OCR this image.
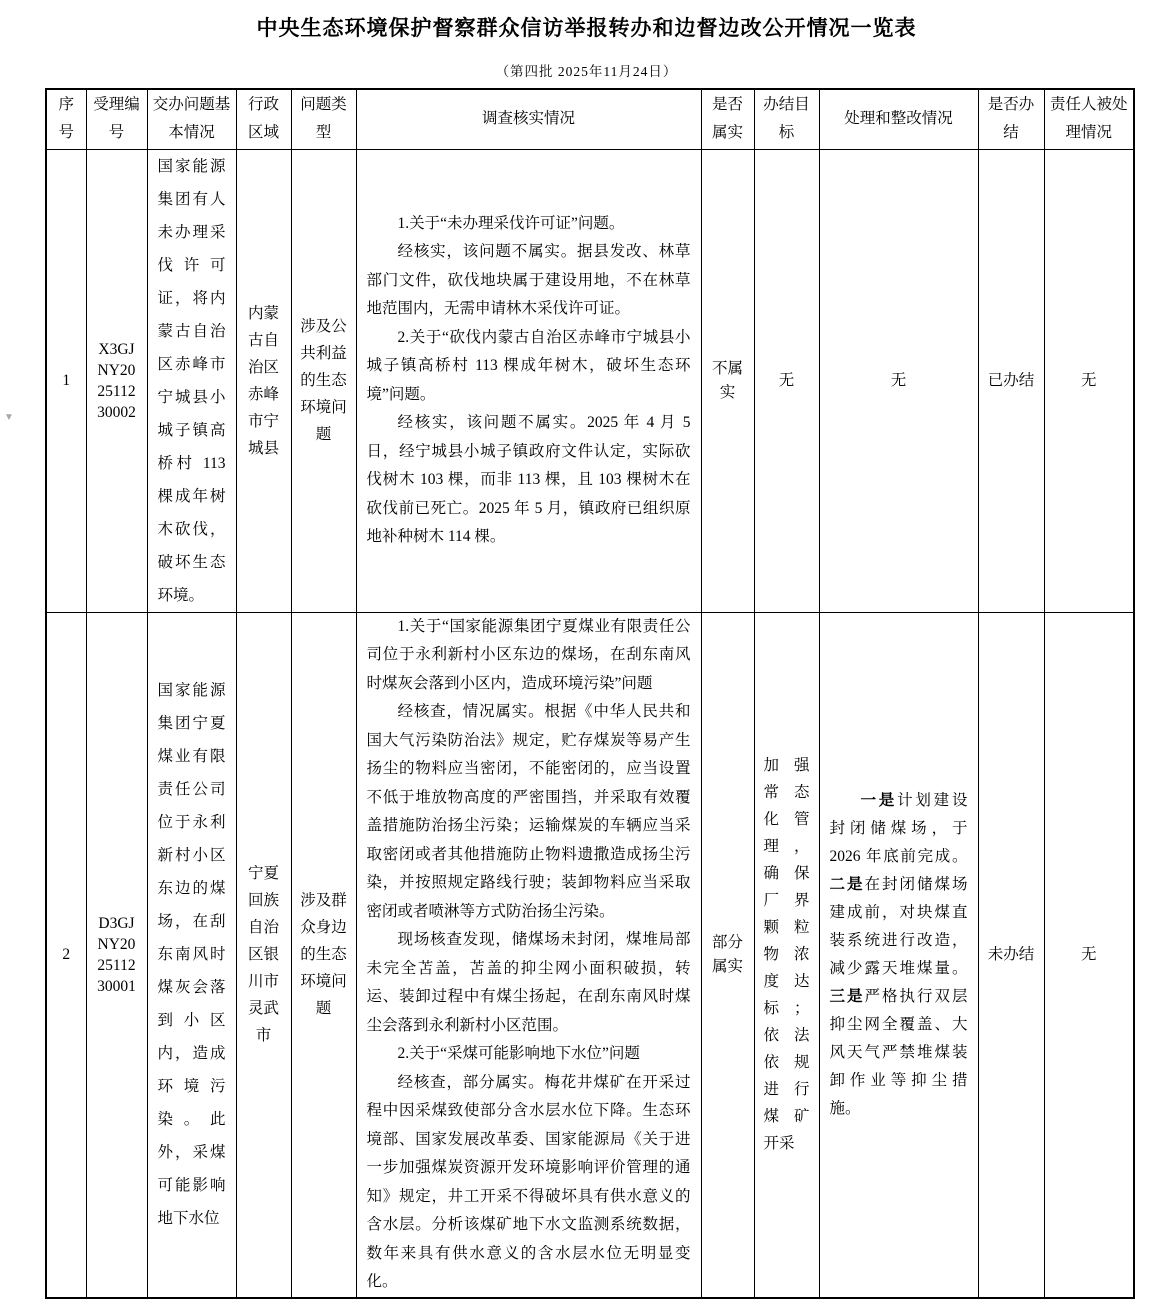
▼
中央生态环境保护督察群众信访举报转办和边督边改公开情况一览表
（第四批 2025年11月24日）
序号	受理编号	交办问题基本情况	行政区域	问题类型	调查核实情况	是否属实	办结目标	处理和整改情况	是否办结	责任人被处理情况
1	X3GJNY202511230002	国家能源集团有人未办理采伐许可证，将内蒙古自治区赤峰市宁城县小城子镇高桥村 113 棵成年树木砍伐，破坏生态环境。	内蒙古自治区赤峰市宁城县	涉及公共利益的生态环境问题	1.关于“未办理采伐许可证”问题。

经核实，该问题不属实。据县发改、林草部门文件，砍伐地块属于建设用地，不在林草地范围内，无需申请林木采伐许可证。

2.关于“砍伐内蒙古自治区赤峰市宁城县小城子镇高桥村 113 棵成年树木，破坏生态环境”问题。

经核实，该问题不属实。2025 年 4 月 5 日，经宁城县小城子镇政府文件认定，实际砍伐树木 103 棵，而非 113 棵，且 103 棵树木在砍伐前已死亡。2025 年 5 月，镇政府已组织原地补种树木 114 棵。	不属实	无	无	已办结	无
2	D3GJNY202511230001	国家能源集团宁夏煤业有限责任公司位于永利新村小区东边的煤场，在刮东南风时煤灰会落到小区内，造成环境污染。此外，采煤可能影响地下水位	宁夏回族自治区银川市灵武市	涉及群众身边的生态环境问题	1.关于“国家能源集团宁夏煤业有限责任公司位于永利新村小区东边的煤场，在刮东南风时煤灰会落到小区内，造成环境污染”问题

经核查，情况属实。根据《中华人民共和国大气污染防治法》规定，贮存煤炭等易产生扬尘的物料应当密闭，不能密闭的，应当设置不低于堆放物高度的严密围挡，并采取有效覆盖措施防治扬尘污染；运输煤炭的车辆应当采取密闭或者其他措施防止物料遗撒造成扬尘污染，并按照规定路线行驶；装卸物料应当采取密闭或者喷淋等方式防治扬尘污染。

现场核查发现，储煤场未封闭，煤堆局部未完全苫盖，苫盖的抑尘网小面积破损，转运、装卸过程中有煤尘扬起，在刮东南风时煤尘会落到永利新村小区范围。

2.关于“采煤可能影响地下水位”问题

经核查，部分属实。梅花井煤矿在开采过程中因采煤致使部分含水层水位下降。生态环境部、国家发展改革委、国家能源局《关于进一步加强煤炭资源开发环境影响评价管理的通知》规定，井工开采不得破坏具有供水意义的含水层。分析该煤矿地下水文监测系统数据，数年来具有供水意义的含水层水位无明显变化。	部分属实	加强常态化管理，确保厂界颗粒物浓度达标；依法依规进行煤矿开采	一是计划建设封闭储煤场，于 2026 年底前完成。二是在封闭储煤场建成前，对块煤直装系统进行改造，减少露天堆煤量。三是严格执行双层抑尘网全覆盖、大风天气严禁堆煤装卸作业等抑尘措施。	未办结	无
